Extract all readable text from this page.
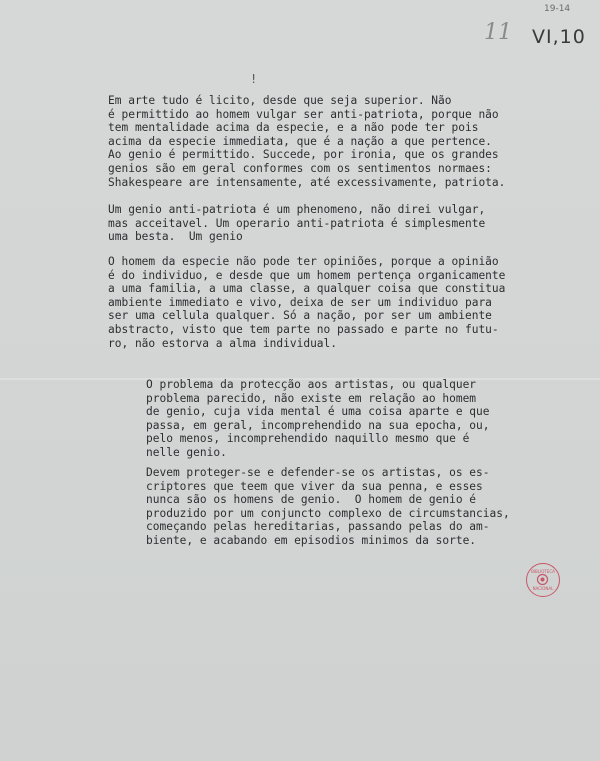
19-14
11 VI,10
!

Em arte tudo é licito, desde que seja superior. Não
é permittido ao homem vulgar ser anti-patriota, porque não
tem mentalidade acima da especie, e a não pode ter pois
acima da especie immediata, que é a nação a que pertence.
Ao genio é permittido. Succede, por ironia, que os grandes
genios são em geral conformes com os sentimentos normaes:
Shakespeare are intensamente, até excessivamente, patriota.

Um genio anti-patriota é um phenomeno, não direi vulgar,
mas acceitavel. Um operario anti-patriota é simplesmente
uma besta.  Um genio

O homem da especie não pode ter opiniões, porque a opinião
é do individuo, e desde que um homem pertença organicamente
a uma familia, a uma classe, a qualquer coisa que constitua
ambiente immediato e vivo, deixa de ser um individuo para
ser uma cellula qualquer. Só a nação, por ser um ambiente
abstracto, visto que tem parte no passado e parte no futu-
ro, não estorva a alma individual.

O problema da protecção aos artistas, ou qualquer
problema parecido, não existe em relação ao homem
de genio, cuja vida mental é uma coisa aparte e que
passa, em geral, incomprehendido na sua epocha, ou,
pelo menos, incomprehendido naquillo mesmo que é
nelle genio.

Devem proteger-se e defender-se os artistas, os es-
criptores que teem que viver da sua penna, e esses
nunca são os homens de genio.  O homem de genio é
produzido por um conjuncto complexo de circumstancias,
começando pelas hereditarias, passando pelas do am-
biente, e acabando em episodios minimos da sorte.

BIBLIOTECA
NACIONAL
